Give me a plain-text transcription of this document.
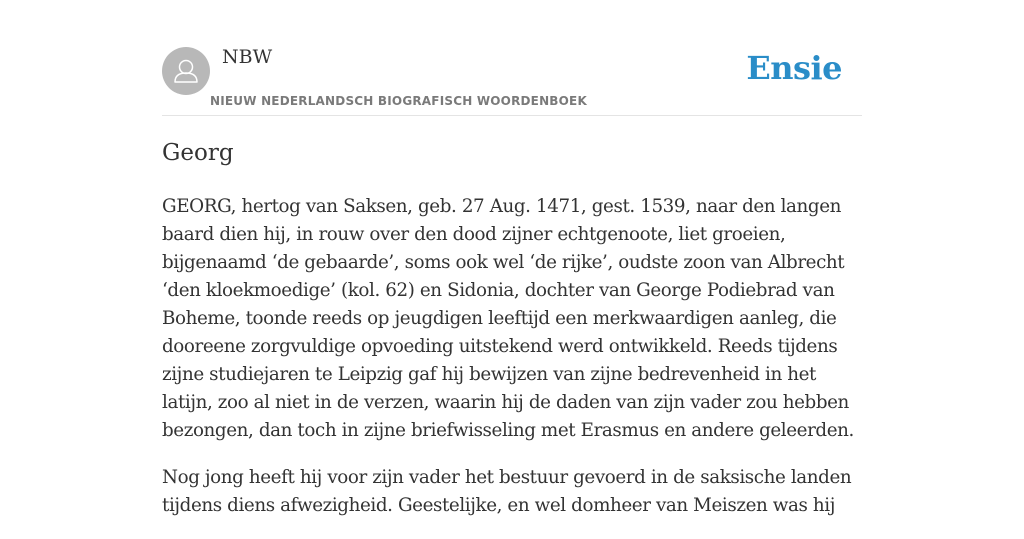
NBW
NIEUW NEDERLANDSCH BIOGRAFISCH WOORDENBOEK
Ensie
Georg

GEORG, hertog van Saksen, geb. 27 Aug. 1471, gest. 1539, naar den langen baard dien hij, in rouw over den dood zijner echtgenoote, liet groeien, bijgenaamd ‘de gebaarde’, soms ook wel ‘de rijke’, oudste zoon van Albrecht ‘den kloekmoedige’ (kol. 62) en Sidonia, dochter van George Podiebrad van Boheme, toonde reeds op jeugdigen leeftijd een merkwaardigen aanleg, die dooreene zorgvuldige opvoeding uitstekend werd ontwikkeld. Reeds tijdens zijne studiejaren te Leipzig gaf hij bewijzen van zijne bedrevenheid in het latijn, zoo al niet in de verzen, waarin hij de daden van zijn vader zou hebben bezongen, dan toch in zijne briefwisseling met Erasmus en andere geleerden.

Nog jong heeft hij voor zijn vader het bestuur gevoerd in de saksische landen tijdens diens afwezigheid. Geestelijke, en wel domheer van Meiszen was hij
